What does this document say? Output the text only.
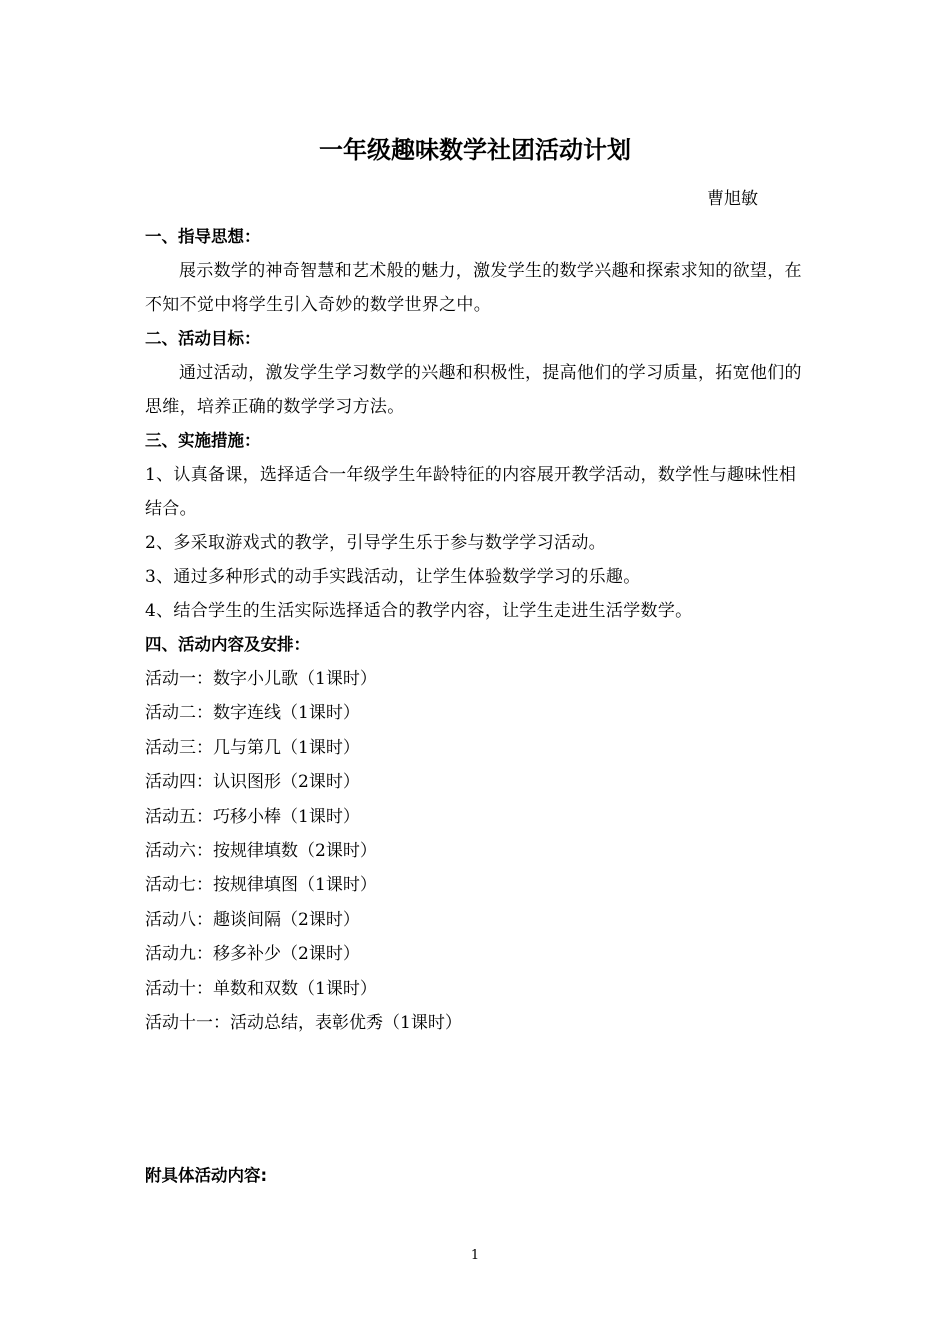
一年级趣味数学社团活动计划
曹旭敏

一、指导思想：

展示数学的神奇智慧和艺术般的魅力，激发学生的数学兴趣和探索求知的欲望，在不知不觉中将学生引入奇妙的数学世界之中。

二、活动目标：

通过活动，激发学生学习数学的兴趣和积极性，提高他们的学习质量，拓宽他们的思维，培养正确的数学学习方法。

三、实施措施：

1、认真备课，选择适合一年级学生年龄特征的内容展开教学活动，数学性与趣味性相结合。

2、多采取游戏式的教学，引导学生乐于参与数学学习活动。

3、通过多种形式的动手实践活动，让学生体验数学学习的乐趣。

4、结合学生的生活实际选择适合的教学内容，让学生走进生活学数学。

四、活动内容及安排：

活动一：数字小儿歌（1课时）

活动二：数字连线（1课时）

活动三：几与第几（1课时）

活动四：认识图形（2课时）

活动五：巧移小棒（1课时）

活动六：按规律填数（2课时）

活动七：按规律填图（1课时）

活动八：趣谈间隔（2课时）

活动九：移多补少（2课时）

活动十：单数和双数（1课时）

活动十一：活动总结，表彰优秀（1课时）

附具体活动内容:
1
